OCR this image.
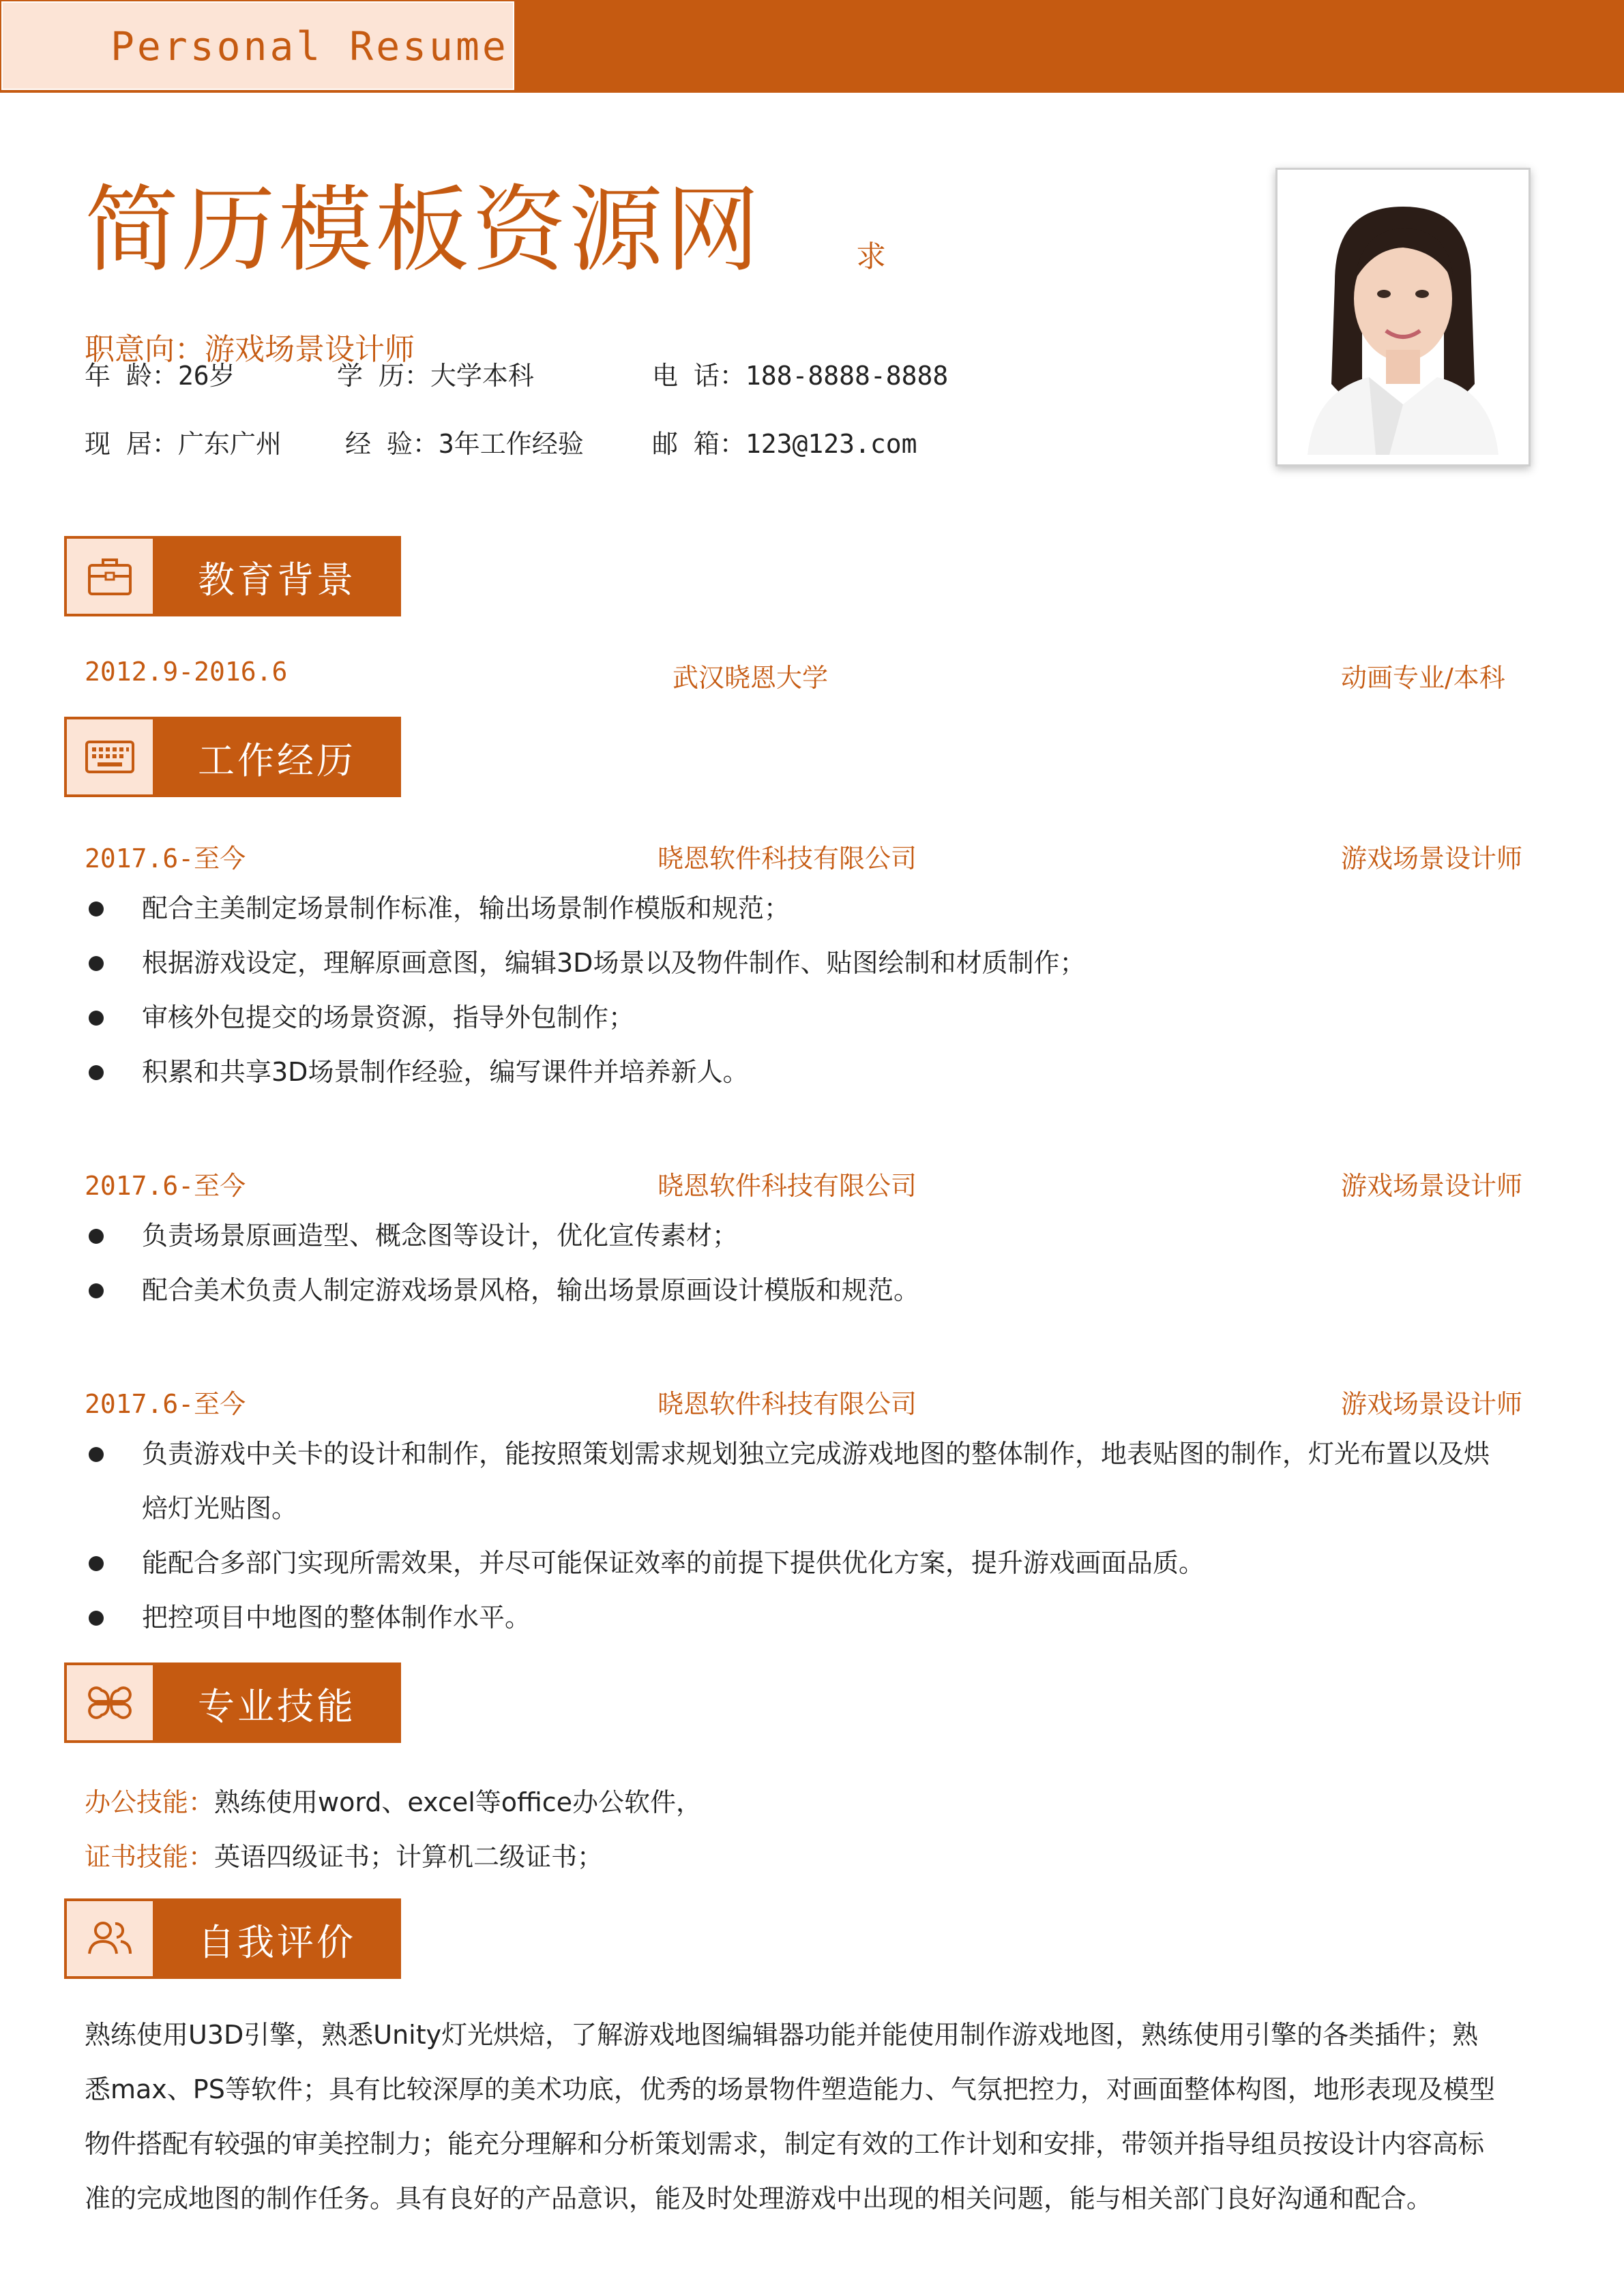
Personal Resume
简历模板资源网	求
职意向：游戏场景设计师
年 龄：26岁	学 历：大学本科	电 话：188-8888-8888
现 居：广东广州 经 验：3年工作经验	邮 箱：123@123.com
教育背景
2012.9-2016.6	武汉晓恩大学	动画专业/本科
工作经历
2017.6-至今	晓恩软件科技有限公司	游戏场景设计师
配合主美制定场景制作标准，输出场景制作模版和规范；
根据游戏设定，理解原画意图，编辑3D场景以及物件制作、贴图绘制和材质制作；
审核外包提交的场景资源，指导外包制作；
积累和共享3D场景制作经验，编写课件并培养新人。
2017.6-至今	晓恩软件科技有限公司	游戏场景设计师
负责场景原画造型、概念图等设计，优化宣传素材；
配合美术负责人制定游戏场景风格，输出场景原画设计模版和规范。
2017.6-至今	晓恩软件科技有限公司	游戏场景设计师
负责游戏中关卡的设计和制作，能按照策划需求规划独立完成游戏地图的整体制作，地表贴图的制作，灯光布置以及烘
焙灯光贴图。
能配合多部门实现所需效果，并尽可能保证效率的前提下提供优化方案，提升游戏画面品质。
把控项目中地图的整体制作水平。
专业技能
办公技能：熟练使用word、excel等office办公软件，
证书技能：英语四级证书；计算机二级证书；
自我评价
熟练使用U3D引擎，熟悉Unity灯光烘焙，了解游戏地图编辑器功能并能使用制作游戏地图，熟练使用引擎的各类插件；熟
悉max、PS等软件；具有比较深厚的美术功底，优秀的场景物件塑造能力、气氛把控力，对画面整体构图，地形表现及模型
物件搭配有较强的审美控制力；能充分理解和分析策划需求，制定有效的工作计划和安排，带领并指导组员按设计内容高标
准的完成地图的制作任务。具有良好的产品意识，能及时处理游戏中出现的相关问题，能与相关部门良好沟通和配合。
